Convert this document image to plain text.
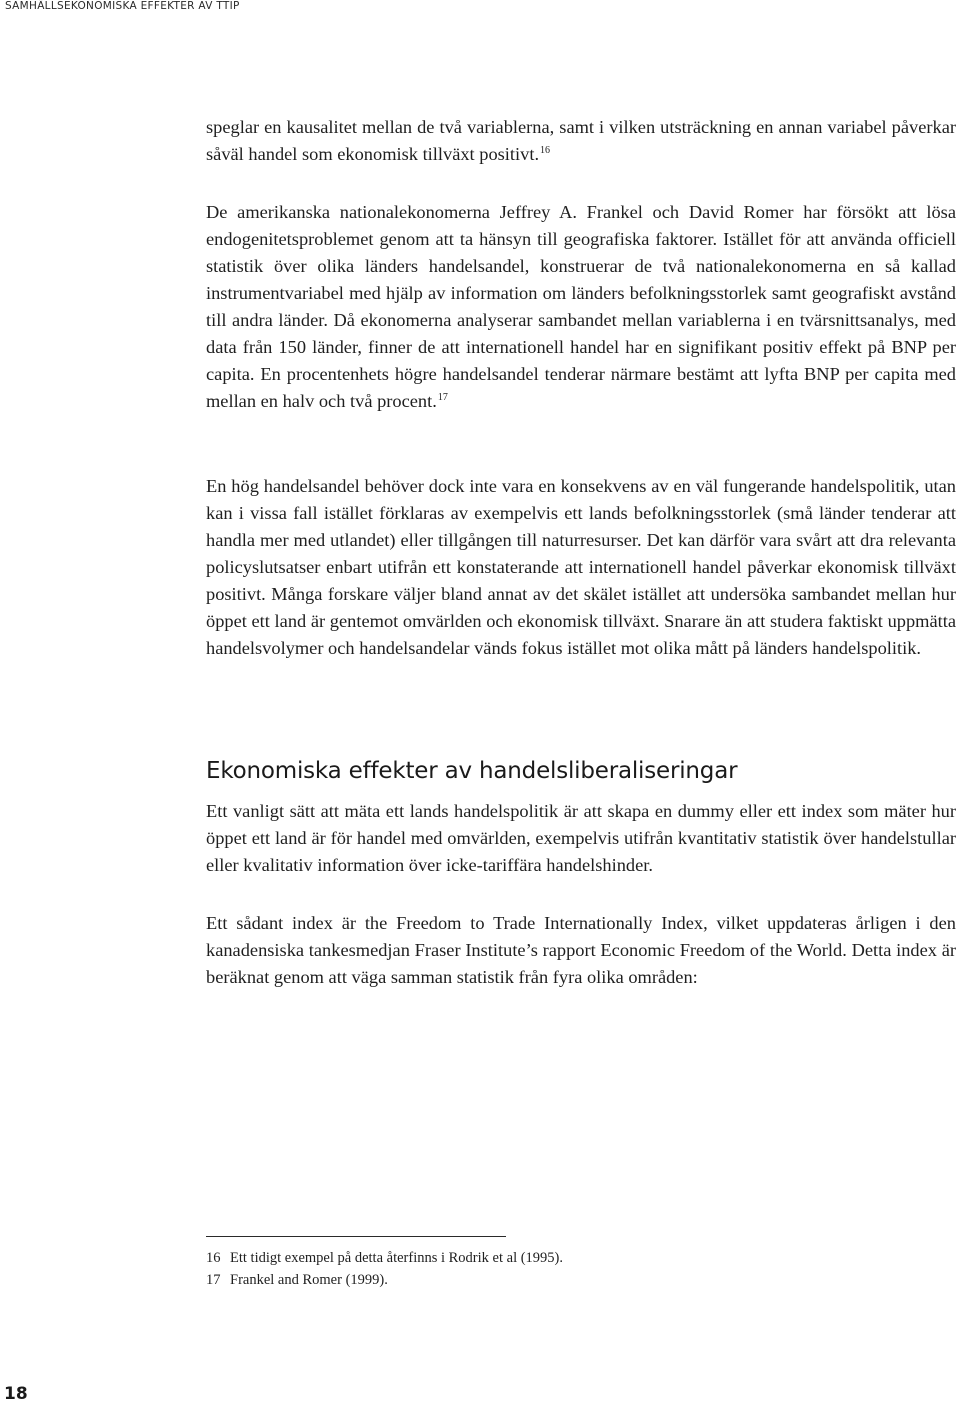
SAMHÄLLSEKONOMISKA EFFEKTER AV TTIP

speglar en kausalitet mellan de två variablerna, samt i vilken utsträckning en annan variabel påverkar såväl handel som ekonomisk tillväxt positivt.$^{16}$

De amerikanska nationalekonomerna Jeffrey A. Frankel och David Romer har försökt att lösa endogenitetsproblemet genom att ta hänsyn till geografiska faktorer. Istället för att använda officiell statistik över olika länders handelsandel, konstruerar de två nationalekonomerna en så kallad instrumentvariabel med hjälp av information om länders befolkningsstorlek samt geografiskt avstånd till andra länder. Då ekonomerna analyserar sambandet mellan variablerna i en tvärsnittsanalys, med data från 150 länder, finner de att internationell handel har en signifikant positiv effekt på BNP per capita. En procentenhets högre handelsandel tenderar närmare bestämt att lyfta BNP per capita med mellan en halv och två procent.$^{17}$

En hög handelsandel behöver dock inte vara en konsekvens av en väl fungerande handelspolitik, utan kan i vissa fall istället förklaras av exempelvis ett lands befolkningsstorlek (små länder tenderar att handla mer med utlandet) eller tillgången till naturresurser. Det kan därför vara svårt att dra relevanta policyslutsatser enbart utifrån ett konstaterande att internationell handel påverkar ekonomisk tillväxt positivt. Många forskare väljer bland annat av det skälet istället att undersöka sambandet mellan hur öppet ett land är gentemot omvärlden och ekonomisk tillväxt. Snarare än att studera faktiskt uppmätta handelsvolymer och handelsandelar vänds fokus istället mot olika mått på länders handelspolitik.

Ekonomiska effekter av handelsliberaliseringar

Ett vanligt sätt att mäta ett lands handelspolitik är att skapa en dummy eller ett index som mäter hur öppet ett land är för handel med omvärlden, exempelvis utifrån kvantitativ statistik över handelstullar eller kvalitativ information över icke-tariffära handelshinder.

Ett sådant index är the Freedom to Trade Internationally Index, vilket uppdateras årligen i den kanadensiska tankesmedjan Fraser Institute’s rapport Economic Freedom of the World. Detta index är beräknat genom att väga samman statistik från fyra olika områden:

16 Ett tidigt exempel på detta återfinns i Rodrik et al (1995).
17 Frankel and Romer (1999).
18
